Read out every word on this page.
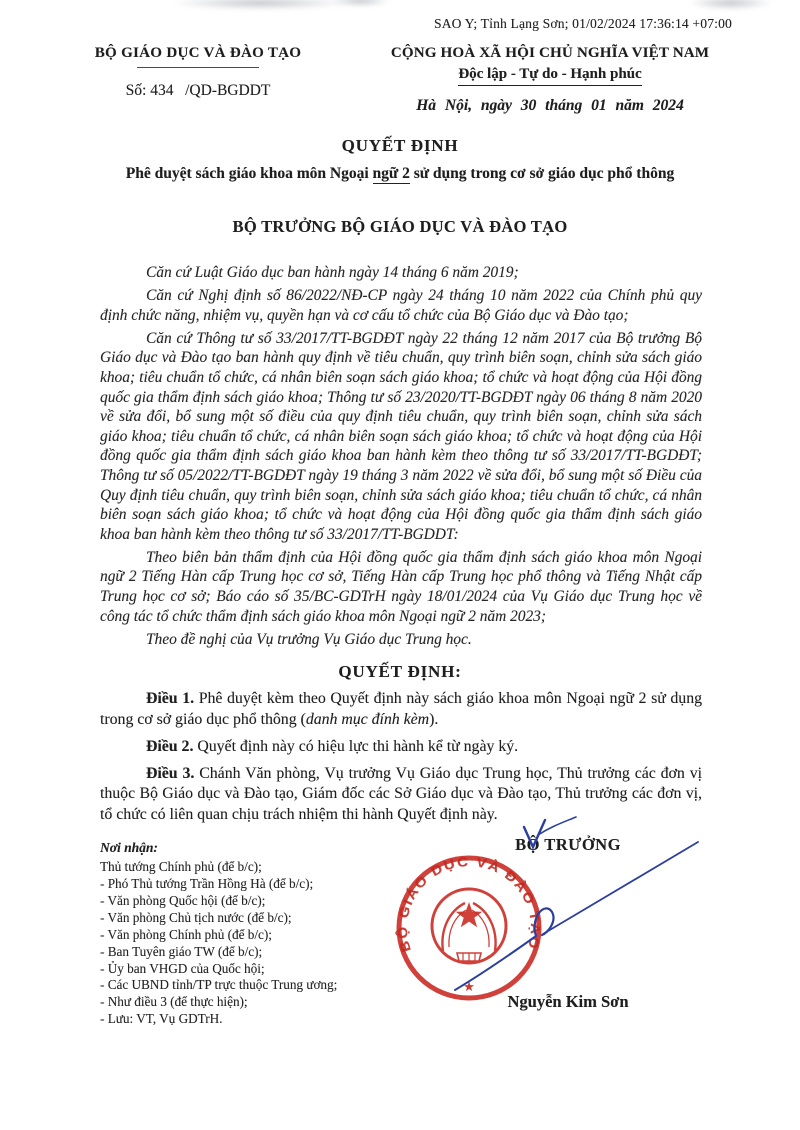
SAO Y; Tỉnh Lạng Sơn; 01/02/2024 17:36:14 +07:00
BỘ GIÁO DỤC VÀ ĐÀO TẠO
Số: 434   /QD-BGDDT
CỘNG HOÀ XÃ HỘI CHỦ NGHĨA VIỆT NAM
Độc lập - Tự do - Hạnh phúc
Hà Nội, ngày 30 tháng 01 năm 2024
QUYẾT ĐỊNH
Phê duyệt sách giáo khoa môn Ngoại ngữ 2 sử dụng trong cơ sở giáo dục phổ thông
BỘ TRƯỞNG BỘ GIÁO DỤC VÀ ĐÀO TẠO

Căn cứ Luật Giáo dục ban hành ngày 14 tháng 6 năm 2019;

Căn cứ Nghị định số 86/2022/NĐ-CP ngày 24 tháng 10 năm 2022 của Chính phủ quy định chức năng, nhiệm vụ, quyền hạn và cơ cấu tổ chức của Bộ Giáo dục và Đào tạo;

Căn cứ Thông tư số 33/2017/TT-BGDĐT ngày 22 tháng 12 năm 2017 của Bộ trưởng Bộ Giáo dục và Đào tạo ban hành quy định về tiêu chuẩn, quy trình biên soạn, chỉnh sửa sách giáo khoa; tiêu chuẩn tổ chức, cá nhân biên soạn sách giáo khoa; tổ chức và hoạt động của Hội đồng quốc gia thẩm định sách giáo khoa; Thông tư số 23/2020/TT-BGDĐT ngày 06 tháng 8 năm 2020 về sửa đổi, bổ sung một số điều của quy định tiêu chuẩn, quy trình biên soạn, chỉnh sửa sách giáo khoa; tiêu chuẩn tổ chức, cá nhân biên soạn sách giáo khoa; tổ chức và hoạt động của Hội đồng quốc gia thẩm định sách giáo khoa ban hành kèm theo thông tư số 33/2017/TT-BGDĐT; Thông tư số 05/2022/TT-BGDĐT ngày 19 tháng 3 năm 2022 về sửa đổi, bổ sung một số Điều của Quy định tiêu chuẩn, quy trình biên soạn, chỉnh sửa sách giáo khoa; tiêu chuẩn tổ chức, cá nhân biên soạn sách giáo khoa; tổ chức và hoạt động của Hội đồng quốc gia thẩm định sách giáo khoa ban hành kèm theo thông tư số 33/2017/TT-BGDDT:

Theo biên bản thẩm định của Hội đồng quốc gia thẩm định sách giáo khoa môn Ngoại ngữ 2 Tiếng Hàn cấp Trung học cơ sở, Tiếng Hàn cấp Trung học phổ thông và Tiếng Nhật cấp Trung học cơ sở; Báo cáo số 35/BC-GDTrH ngày 18/01/2024 của Vụ Giáo dục Trung học về công tác tổ chức thẩm định sách giáo khoa môn Ngoại ngữ 2 năm 2023;

Theo đề nghị của Vụ trưởng Vụ Giáo dục Trung học.

QUYẾT ĐỊNH:

Điều 1. Phê duyệt kèm theo Quyết định này sách giáo khoa môn Ngoại ngữ 2 sử dụng trong cơ sở giáo dục phổ thông (danh mục đính kèm).

Điều 2. Quyết định này có hiệu lực thi hành kể từ ngày ký.

Điều 3. Chánh Văn phòng, Vụ trưởng Vụ Giáo dục Trung học, Thủ trưởng các đơn vị thuộc Bộ Giáo dục và Đào tạo, Giám đốc các Sở Giáo dục và Đào tạo, Thủ trưởng các đơn vị, tổ chức có liên quan chịu trách nhiệm thi hành Quyết định này.

Nơi nhận:
Thủ tướng Chính phủ (để b/c);
- Phó Thủ tướng Trần Hồng Hà (để b/c);
- Văn phòng Quốc hội (để b/c);
- Văn phòng Chủ tịch nước (để b/c);
- Văn phòng Chính phủ (để b/c);
- Ban Tuyên giáo TW (để b/c);
- Ủy ban VHGD của Quốc hội;
- Các UBND tỉnh/TP trực thuộc Trung ương;
- Như điều 3 (để thực hiện);
- Lưu: VT, Vụ GDTrH.
BỘ TRƯỞNG
BỘ GIÁO DỤC VÀ ĐÀO TẠO
★
Nguyễn Kim Sơn
